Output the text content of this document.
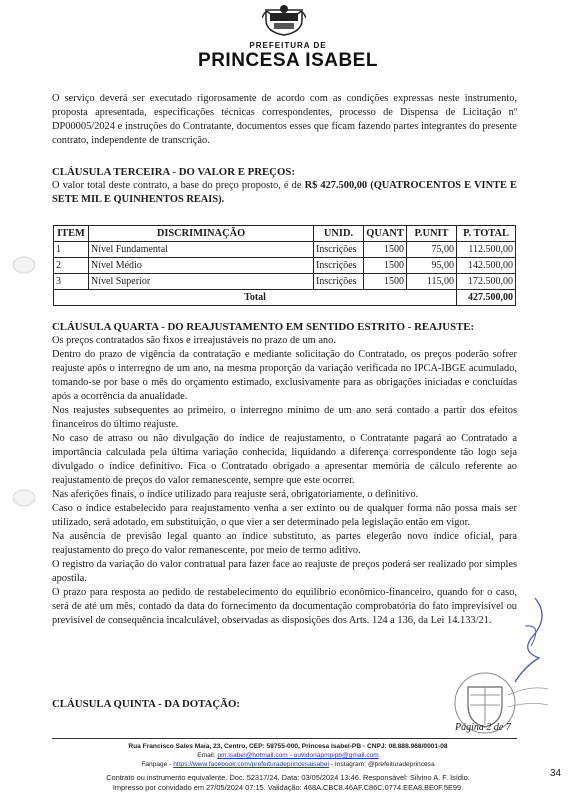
PREFEITURA DE
PRINCESA ISABEL

O serviço deverá ser executado rigorosamente de acordo com as condições expressas neste instrumento, proposta apresentada, especificações técnicas correspondentes, processo de Dispensa de Licitação nº DP00005/2024 e instruções do Contratante, documentos esses que ficam fazendo partes integrantes do presente contrato, independente de transcrição.

CLÁUSULA TERCEIRA - DO VALOR E PREÇOS:

O valor total deste contrato, a base do preço proposto, é de R$ 427.500,00 (QUATROCENTOS E VINTE E SETE MIL E QUINHENTOS REAIS).

ITEM	DISCRIMINAÇÃO	UNID.	QUANT	P.UNIT	P. TOTAL
1	Nível Fundamental	Inscrições	1500	75,00	112.500,00
2	Nível Médio	Inscrições	1500	95,00	142.500,00
3	Nível Superior	Inscrições	1500	115,00	172.500,00
Total					427.500,00

CLÁUSULA QUARTA - DO REAJUSTAMENTO EM SENTIDO ESTRITO - REAJUSTE:

Os preços contratados são fixos e irreajustáveis no prazo de um ano.

Dentro do prazo de vigência da contratação e mediante solicitação do Contratado, os preços poderão sofrer reajuste após o interregno de um ano, na mesma proporção da variação verificada no IPCA-IBGE acumulado, tomando-se por base o mês do orçamento estimado, exclusivamente para as obrigações iniciadas e concluídas após a ocorrência da anualidade.

Nos reajustes subsequentes ao primeiro, o interregno mínimo de um ano será contado a partir dos efeitos financeiros do último reajuste.

No caso de atraso ou não divulgação do índice de reajustamento, o Contratante pagará ao Contratado a importância calculada pela última variação conhecida, liquidando a diferença correspondente tão logo seja divulgado o índice definitivo. Fica o Contratado obrigado a apresentar memória de cálculo referente ao reajustamento de preços do valor remanescente, sempre que este ocorrer.

Nas aferições finais, o índice utilizado para reajuste será, obrigatoriamente, o definitivo.

Caso o índice estabelecido para reajustamento venha a ser extinto ou de qualquer forma não possa mais ser utilizado, será adotado, em substituição, o que vier a ser determinado pela legislação então em vigor.

Na ausência de previsão legal quanto ao índice substituto, as partes elegerão novo índice oficial, para reajustamento do preço do valor remanescente, por meio de termo aditivo.

O registro da variação do valor contratual para fazer face ao reajuste de preços poderá ser realizado por simples apostila.

O prazo para resposta ao pedido de restabelecimento do equilíbrio econômico-financeiro, quando for o caso, será de até um mês, contado da data do fornecimento da documentação comprobatória do fato imprevisível ou previsível de consequência incalculável, observadas as disposições dos Arts. 124 a 136, da Lei 14.133/21.

CLÁUSULA QUINTA - DA DOTAÇÃO:

Página 2 de 7
Rua Francisco Sales Maia, 23, Centro, CEP: 58755-000, Princesa Isabel-PB - CNPJ: 08.888.968/0001-08
Email: pm.isabel@hotmail.com - ouvidoriapmpipb@gmail.com
Fanpage - https://www.facebook.com/prefeituradeprincesaisabel - Instagram: @prefeituradeprincesa
Contrato ou instrumento equivalente. Doc. 52317/24. Data: 03/05/2024 13:46. Responsável: Silvino A. F. Isídio.
Impresso por convidado em 27/05/2024 07:15. Validação: 468A.CBC8.46AF.C86C.0774.EEA8.BE0F.5E99.
34
